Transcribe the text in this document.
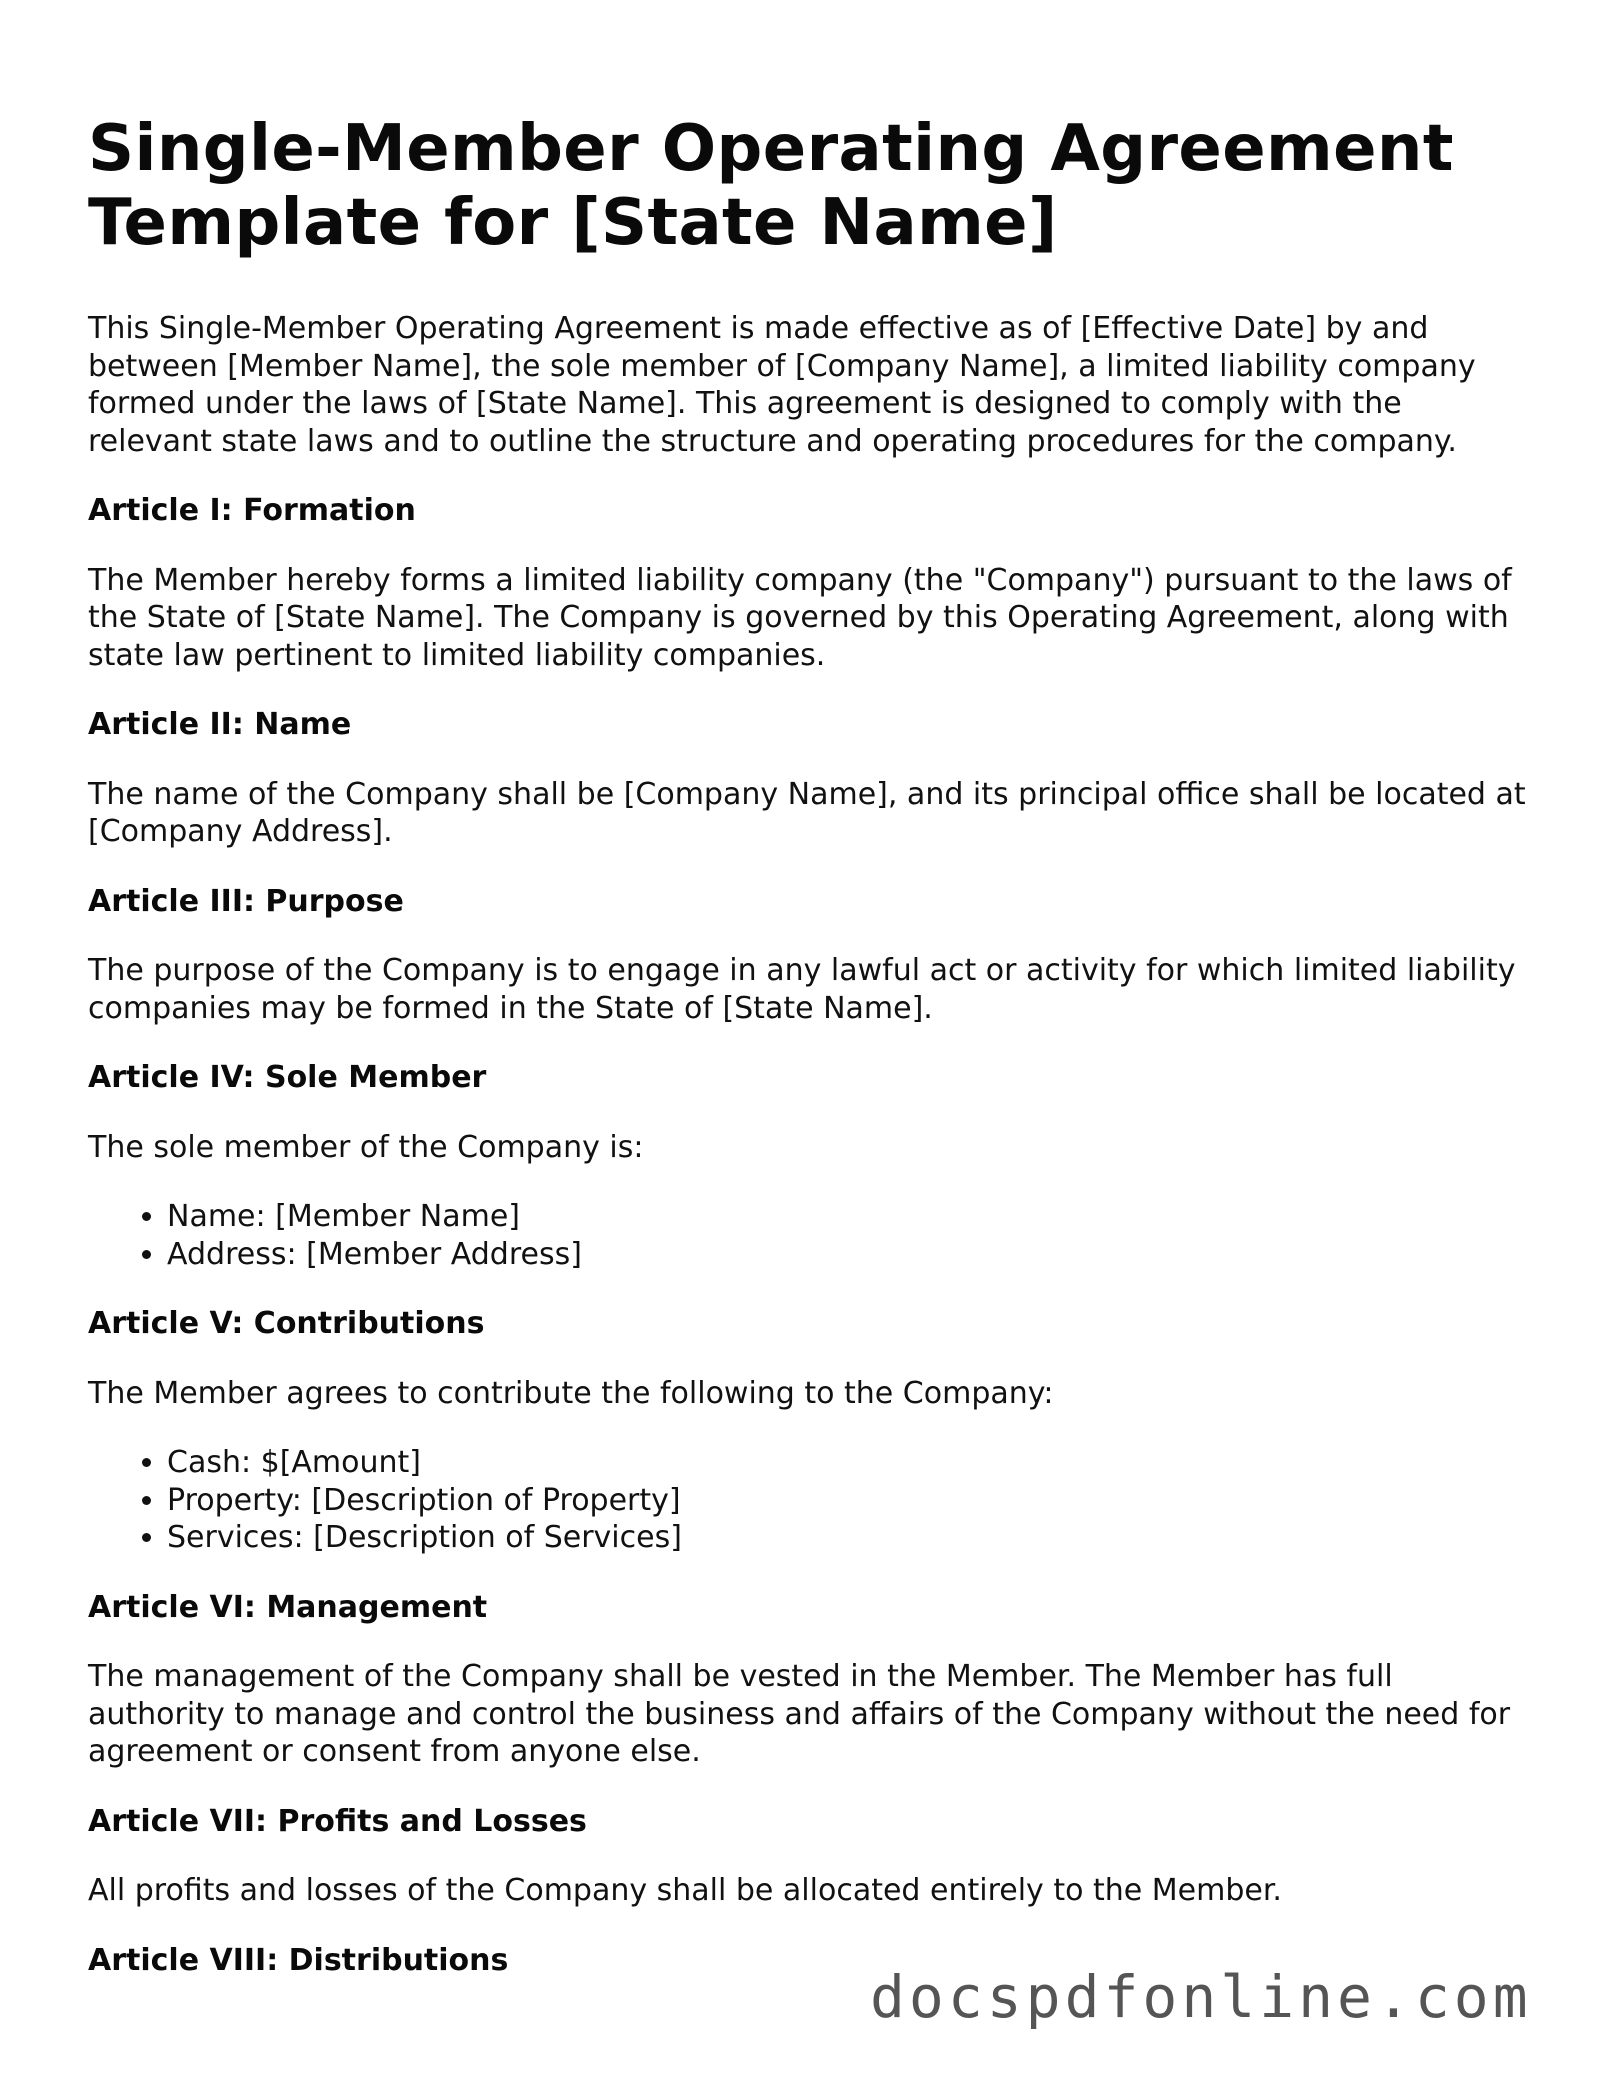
Single-Member Operating Agreement Template for [State Name]

This Single-Member Operating Agreement is made effective as of [Effective Date] by and between [Member Name], the sole member of [Company Name], a limited liability company formed under the laws of [State Name]. This agreement is designed to comply with the relevant state laws and to outline the structure and operating procedures for the company.

Article I: Formation

The Member hereby forms a limited liability company (the "Company") pursuant to the laws of the State of [State Name]. The Company is governed by this Operating Agreement, along with state law pertinent to limited liability companies.

Article II: Name

The name of the Company shall be [Company Name], and its principal office shall be located at [Company Address].

Article III: Purpose

The purpose of the Company is to engage in any lawful act or activity for which limited liability companies may be formed in the State of [State Name].

Article IV: Sole Member

The sole member of the Company is:

• Name: [Member Name]
• Address: [Member Address]
Article V: Contributions

The Member agrees to contribute the following to the Company:

• Cash: $[Amount]
• Property: [Description of Property]
• Services: [Description of Services]
Article VI: Management

The management of the Company shall be vested in the Member. The Member has full authority to manage and control the business and affairs of the Company without the need for agreement or consent from anyone else.

Article VII: Profits and Losses

All profits and losses of the Company shall be allocated entirely to the Member.

Article VIII: Distributions
docspdfonline.com
